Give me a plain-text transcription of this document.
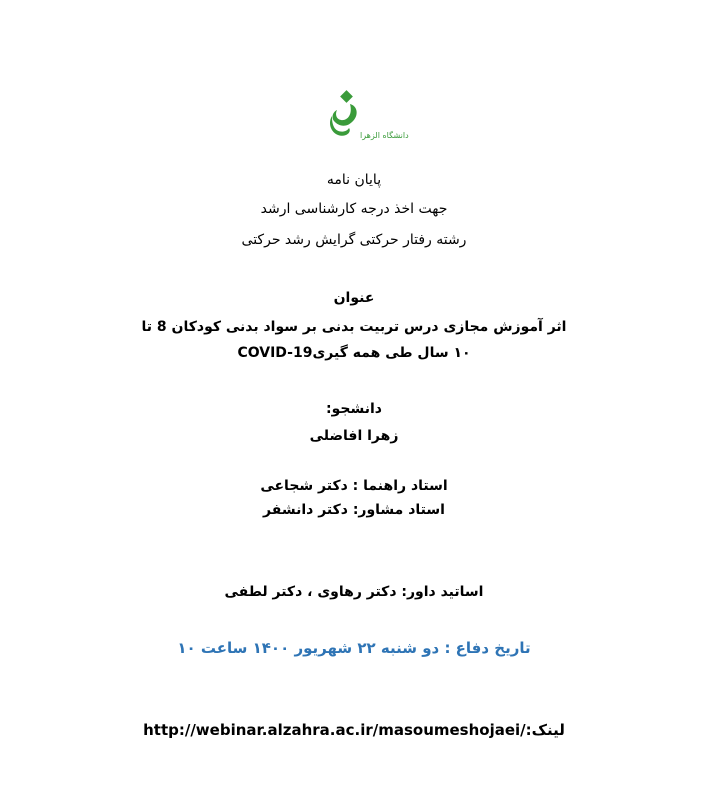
دانشگاه الزهرا
پایان نامه
جهت اخذ درجه کارشناسی ارشد
رشته رفتار حرکتی گرایش رشد حرکتی
عنوان
اثر آموزش مجازی درس تربیت بدنی بر سواد بدنی کودکان 8 تا
۱۰ سال طی همه گیریCOVID-19
دانشجو:
زهرا افاضلی
استاد راهنما : دکتر شجاعی
استاد مشاور: دکتر دانشفر
اساتید داور: دکتر رهاوی ، دکتر لطفی
تاریخ دفاع : دو شنبه ۲۲ شهریور ۱۴۰۰ ساعت ۱۰
لینک:http://webinar.alzahra.ac.ir/masoumeshojaei/
